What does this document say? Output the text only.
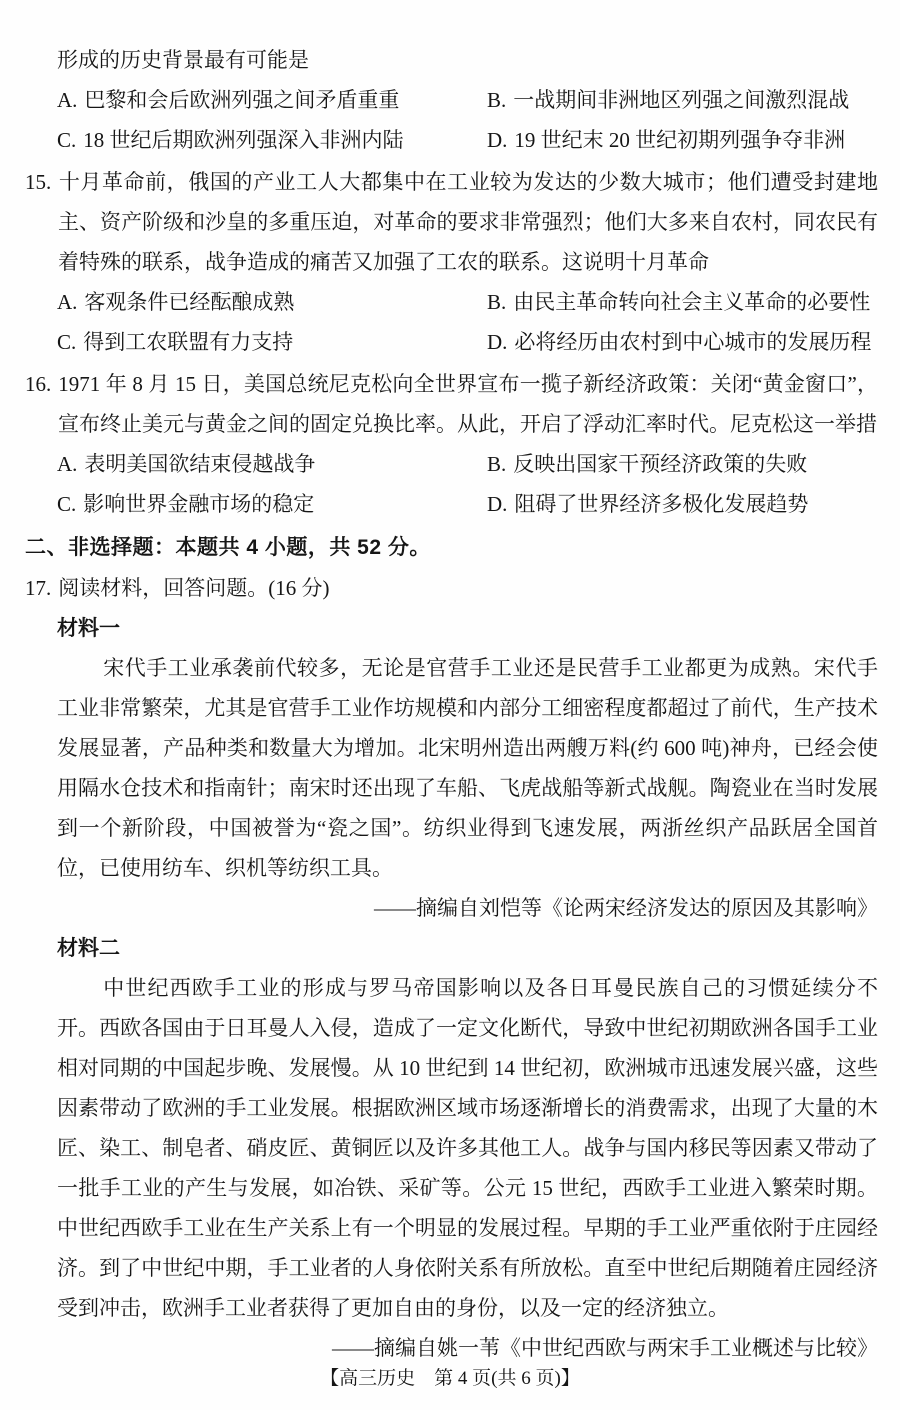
形成的历史背景最有可能是

A. 巴黎和会后欧洲列强之间矛盾重重	B. 一战期间非洲地区列强之间激烈混战
C. 18 世纪后期欧洲列强深入非洲内陆	D. 19 世纪末 20 世纪初期列强争夺非洲

15. 十月革命前，俄国的产业工人大都集中在工业较为发达的少数大城市；他们遭受封建地主、资产阶级和沙皇的多重压迫，对革命的要求非常强烈；他们大多来自农村，同农民有着特殊的联系，战争造成的痛苦又加强了工农的联系。这说明十月革命

A. 客观条件已经酝酿成熟	B. 由民主革命转向社会主义革命的必要性
C. 得到工农联盟有力支持	D. 必将经历由农村到中心城市的发展历程

16. 1971 年 8 月 15 日，美国总统尼克松向全世界宣布一揽子新经济政策：关闭“黄金窗口”，宣布终止美元与黄金之间的固定兑换比率。从此，开启了浮动汇率时代。尼克松这一举措

A. 表明美国欲结束侵越战争	B. 反映出国家干预经济政策的失败
C. 影响世界金融市场的稳定	D. 阻碍了世界经济多极化发展趋势

二、非选择题：本题共 4 小题，共 52 分。

17. 阅读材料，回答问题。(16 分)

材料一

宋代手工业承袭前代较多，无论是官营手工业还是民营手工业都更为成熟。宋代手工业非常繁荣，尤其是官营手工业作坊规模和内部分工细密程度都超过了前代，生产技术发展显著，产品种类和数量大为增加。北宋明州造出两艘万料(约 600 吨)神舟，已经会使用隔水仓技术和指南针；南宋时还出现了车船、飞虎战船等新式战舰。陶瓷业在当时发展到一个新阶段，中国被誉为“瓷之国”。纺织业得到飞速发展，两浙丝织产品跃居全国首位，已使用纺车、织机等纺织工具。

——摘编自刘恺等《论两宋经济发达的原因及其影响》

材料二

中世纪西欧手工业的形成与罗马帝国影响以及各日耳曼民族自己的习惯延续分不开。西欧各国由于日耳曼人入侵，造成了一定文化断代，导致中世纪初期欧洲各国手工业相对同期的中国起步晚、发展慢。从 10 世纪到 14 世纪初，欧洲城市迅速发展兴盛，这些因素带动了欧洲的手工业发展。根据欧洲区域市场逐渐增长的消费需求，出现了大量的木匠、染工、制皂者、硝皮匠、黄铜匠以及许多其他工人。战争与国内移民等因素又带动了一批手工业的产生与发展，如冶铁、采矿等。公元 15 世纪，西欧手工业进入繁荣时期。中世纪西欧手工业在生产关系上有一个明显的发展过程。早期的手工业严重依附于庄园经济。到了中世纪中期，手工业者的人身依附关系有所放松。直至中世纪后期随着庄园经济受到冲击，欧洲手工业者获得了更加自由的身份，以及一定的经济独立。

——摘编自姚一苇《中世纪西欧与两宋手工业概述与比较》

【高三历史　第 4 页(共 6 页)】
